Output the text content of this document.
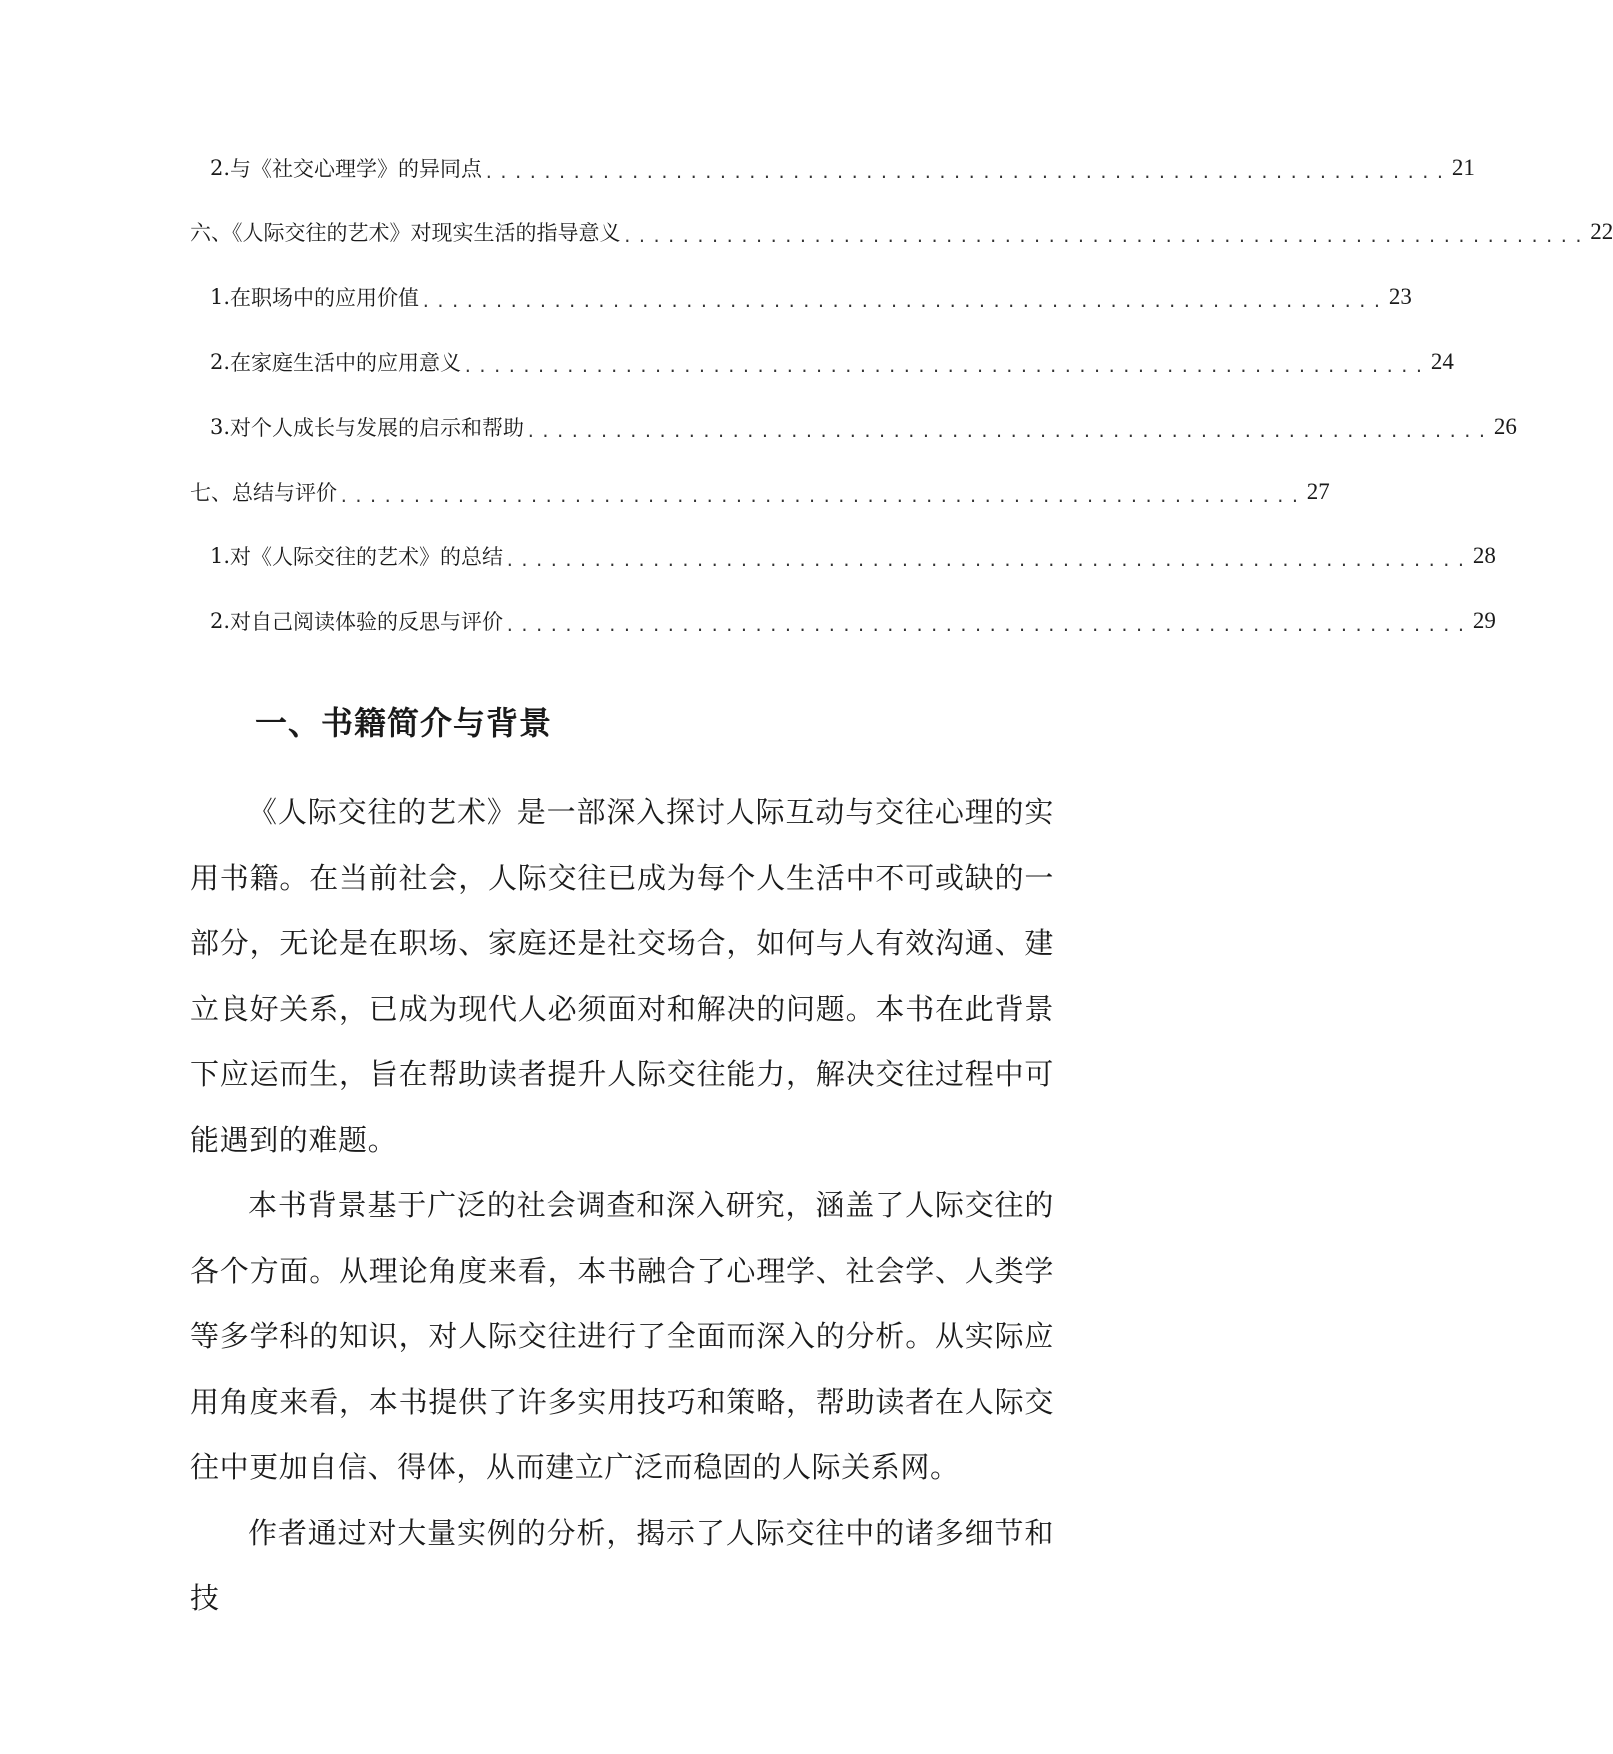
2. 与《社交心理学》的异同点 .................................................................. 21
六、《人际交往的艺术》对现实生活的指导意义 .................................................................. 22
1. 在职场中的应用价值 .................................................................. 23
2. 在家庭生活中的应用意义 .................................................................. 24
3. 对个人成长与发展的启示和帮助 .................................................................. 26
七、总结与评价 .................................................................. 27
1. 对《人际交往的艺术》的总结 .................................................................. 28
2. 对自己阅读体验的反思与评价 .................................................................. 29
一、书籍简介与背景

《人际交往的艺术》是一部深入探讨人际互动与交往心理的实用书籍。在当前社会，人际交往已成为每个人生活中不可或缺的一部分，无论是在职场、家庭还是社交场合，如何与人有效沟通、建立良好关系，已成为现代人必须面对和解决的问题。本书在此背景下应运而生，旨在帮助读者提升人际交往能力，解决交往过程中可能遇到的难题。

本书背景基于广泛的社会调查和深入研究，涵盖了人际交往的各个方面。从理论角度来看，本书融合了心理学、社会学、人类学等多学科的知识，对人际交往进行了全面而深入的分析。从实际应用角度来看，本书提供了许多实用技巧和策略，帮助读者在人际交往中更加自信、得体，从而建立广泛而稳固的人际关系网。

作者通过对大量实例的分析，揭示了人际交往中的诸多细节和技
